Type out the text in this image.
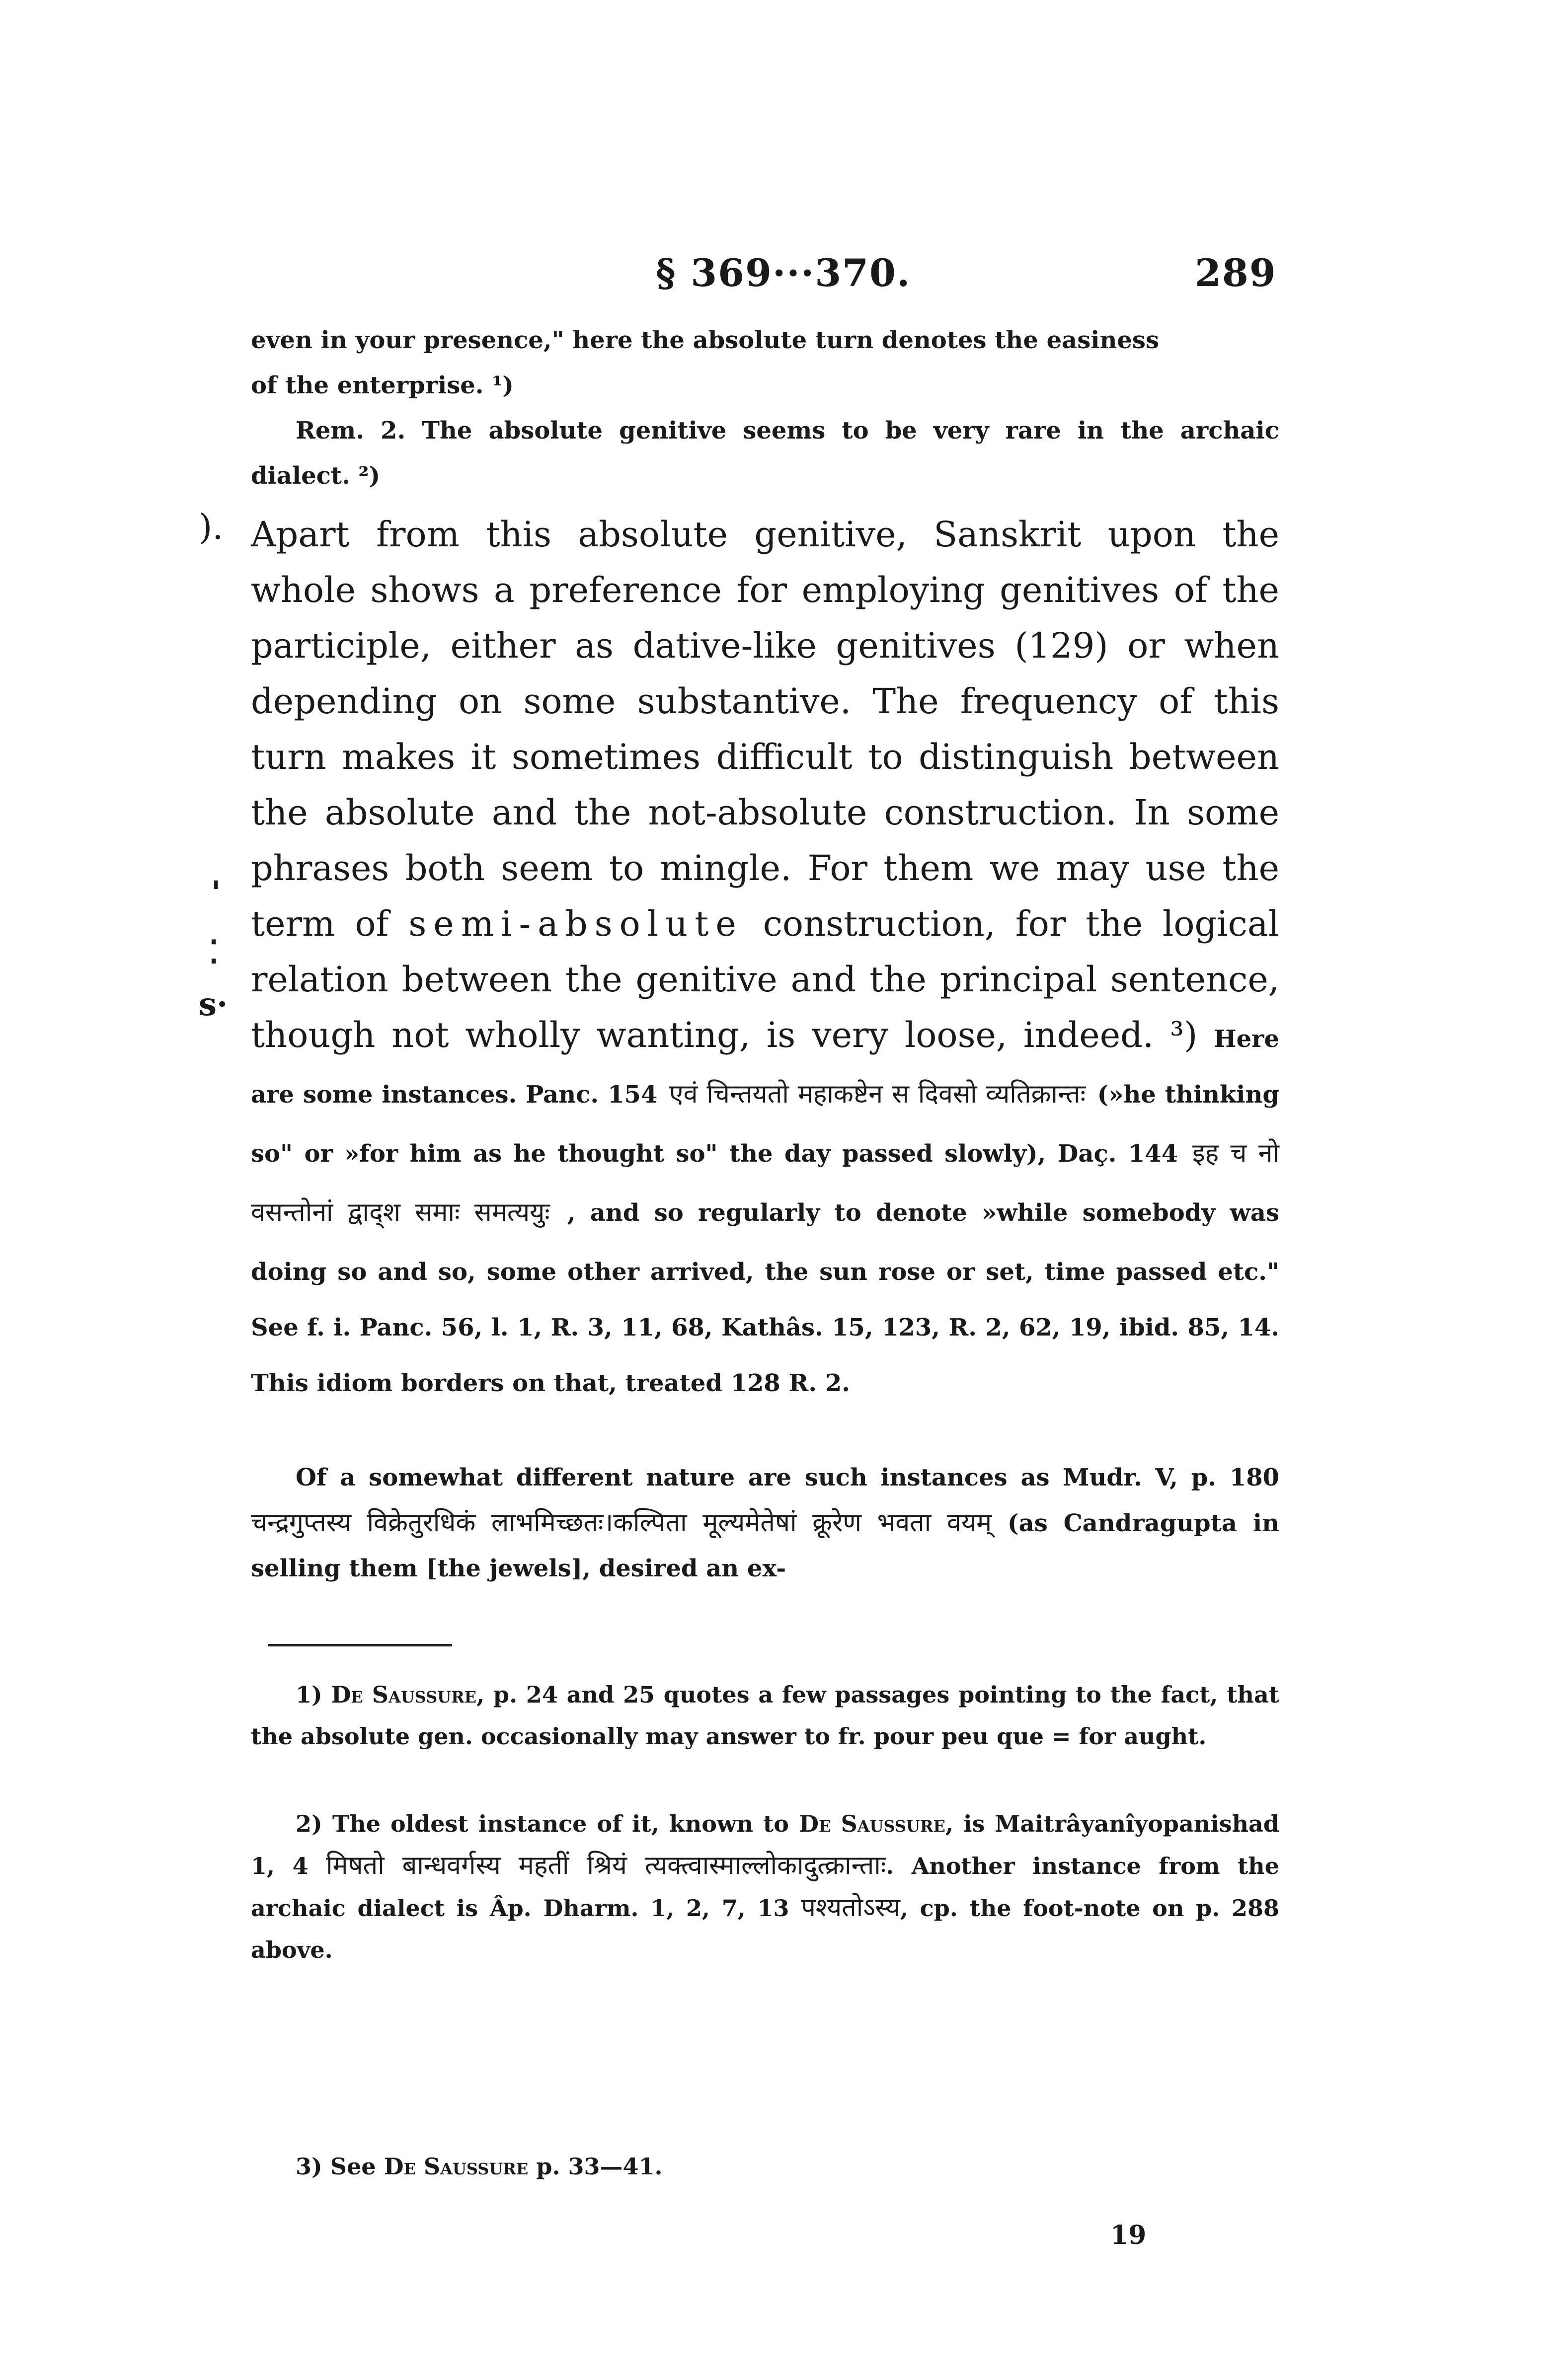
§ 369···370.	289
even in your presence," here the absolute turn denotes the easiness
of the enterprise. ¹)
Rem. 2. The absolute genitive seems to be very rare in the archaic dialect. ²)
). Apart from this absolute genitive, Sanskrit upon the whole shows a preference for employing genitives of the participle, either as dative-like genitives (129) or when depending on some substantive. The frequency of this turn makes it sometimes difficult to distinguish between the absolute and the not-absolute construction. In some phrases both seem to mingle. For them we may use the term of semi-absolute construction, for the logical relation between the genitive and the principal sentence, though not wholly wanting, is very loose, indeed. ³) Here are some instances. Panc. 154 एवं चिन्तयतो महाकष्टेन स दिवसो व्यतिक्रान्तः (»he thinking so" or »for him as he thought so" the day passed slowly), Daç. 144 इह च नो वसन्तोनां द्वाद्श समाः समत्ययुः , and so regularly to denote »while somebody was doing so and so, some other arrived, the sun rose or set, time passed etc." See f. i. Panc. 56, l. 1, R. 3, 11, 68, Kathâs. 15, 123, R. 2, 62, 19, ibid. 85, 14. This idiom borders on that, treated 128 R. 2.
Of a somewhat different nature are such instances as Mudr. V, p. 180 चन्द्रगुप्तस्य विक्रेतुरधिकं लाभमिच्छतः।कल्पिता मूल्यमेतेषां क्रूरेण भवता वयम् (as Candragupta in selling them [the jewels], desired an ex-
1) De Saussure, p. 24 and 25 quotes a few passages pointing to the fact, that the absolute gen. occasionally may answer to fr. pour peu que = for aught.
2) The oldest instance of it, known to De Saussure, is Maitrâyanîyopanishad 1, 4 मिषतो बान्धवर्गस्य महतीं श्रियं त्यक्त्वास्माल्लोकादुत्क्रान्ताः. Another instance from the archaic dialect is Âp. Dharm. 1, 2, 7, 13 पश्यतोऽस्य, cp. the foot-note on p. 288 above.
3) See De Saussure p. 33—41.
19
'
⁚
s·
